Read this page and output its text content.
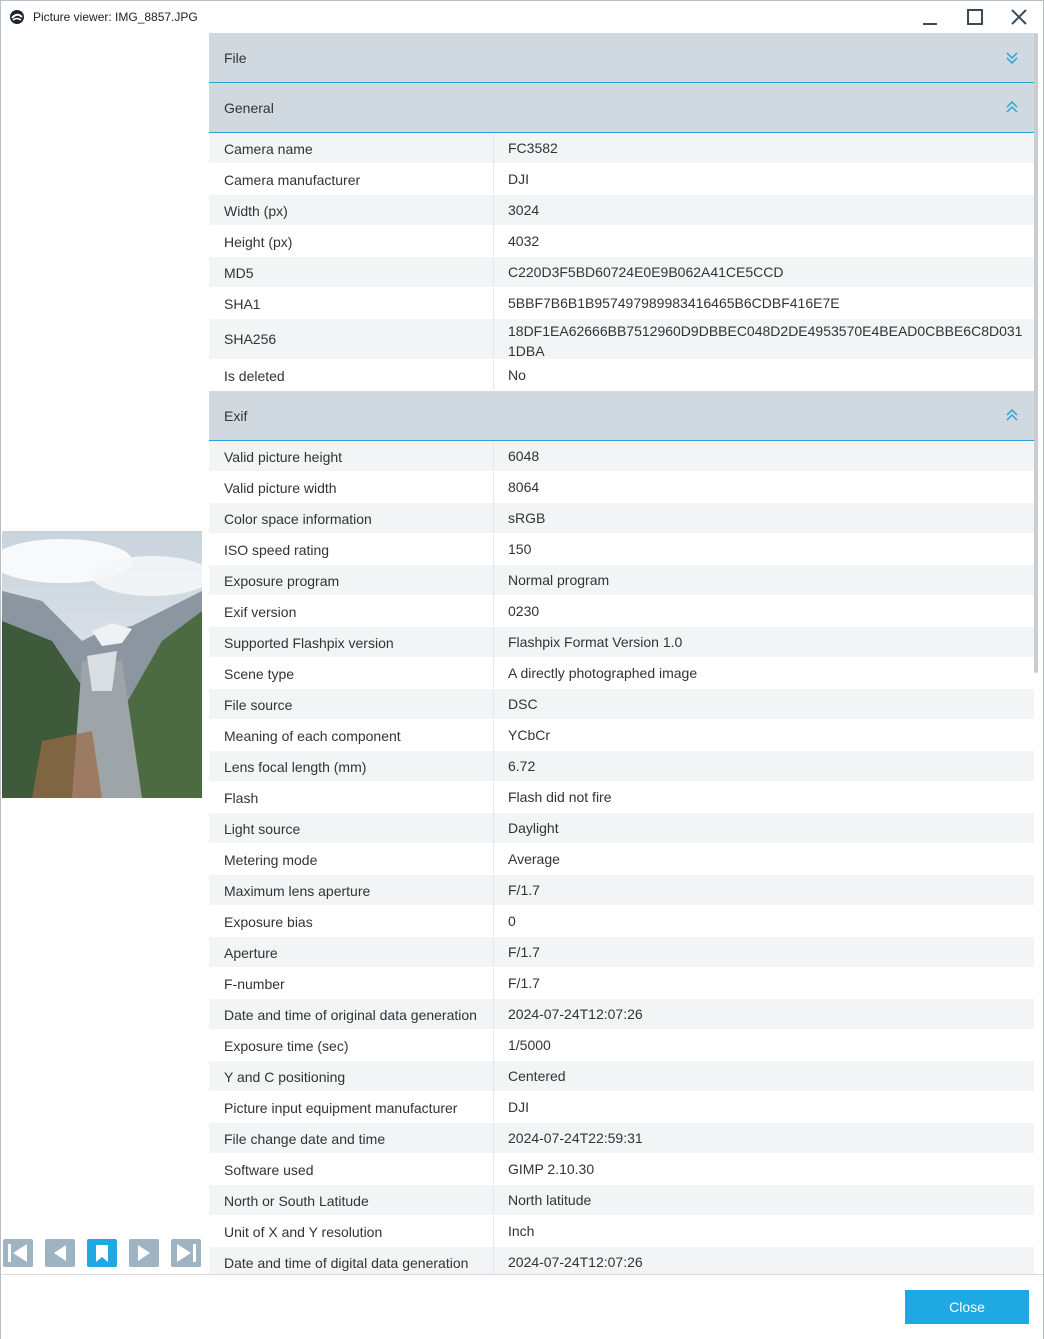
Picture viewer: IMG_8857.JPG
File
General
Camera name	FC3582
Camera manufacturer	DJI
Width (px)	3024
Height (px)	4032
MD5	C220D3F5BD60724E0E9B062A41CE5CCD
SHA1	5BBF7B6B1B957497989983416465B6CDBF416E7E
SHA256	18DF1EA62666BB7512960D9DBBEC048D2DE4953570E4BEAD0CBBE6C8D0311DBA
Is deleted	No
Exif
Valid picture height	6048
Valid picture width	8064
Color space information	sRGB
ISO speed rating	150
Exposure program	Normal program
Exif version	0230
Supported Flashpix version	Flashpix Format Version 1.0
Scene type	A directly photographed image
File source	DSC
Meaning of each component	YCbCr
Lens focal length (mm)	6.72
Flash	Flash did not fire
Light source	Daylight
Metering mode	Average
Maximum lens aperture	F/1.7
Exposure bias	0
Aperture	F/1.7
F-number	F/1.7
Date and time of original data generation	2024-07-24T12:07:26
Exposure time (sec)	1/5000
Y and C positioning	Centered
Picture input equipment manufacturer	DJI
File change date and time	2024-07-24T22:59:31
Software used	GIMP 2.10.30
North or South Latitude	North latitude
Unit of X and Y resolution	Inch
Date and time of digital data generation	2024-07-24T12:07:26
Close
